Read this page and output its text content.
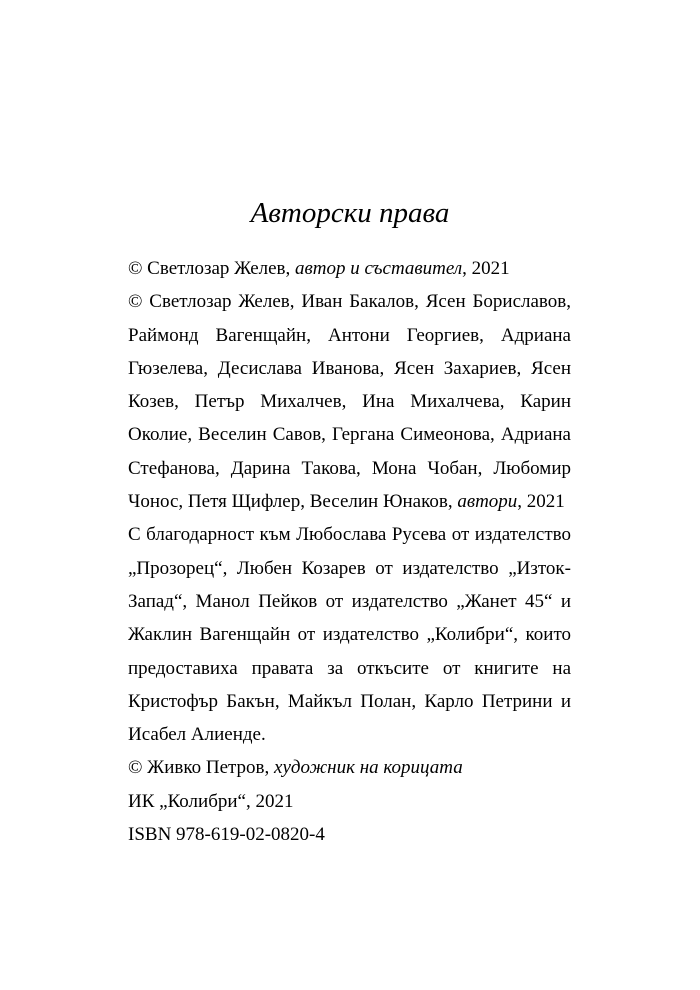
Авторски права

© Светлозар Желев, автор и съставител, 2021

© Светлозар Желев, Иван Бакалов, Ясен Бориславов,
Раймонд Вагенщайн, Антони Георгиев, Адриана
Гюзелева, Десислава Иванова, Ясен Захариев, Ясен
Козев, Петър Михалчев, Ина Михалчева, Карин
Околие, Веселин Савов, Гергана Симеонова, Адриана
Стефанова, Дарина Такова, Мона Чобан, Любомир
Чонос, Петя Щифлер, Веселин Юнаков, автори, 2021
С благодарност към Любослава Русева от издателство
„Прозорец“, Любен Козарев от издателство „Изток-
Запад“, Манол Пейков от издателство „Жанет 45“ и
Жаклин Вагенщайн от издателство „Колибри“, които
предоставиха правата за откъсите от книгите на
Кристофър Бакън, Майкъл Полан, Карло Петрини и
Исабел Алиенде.

© Живко Петров, художник на корицата

ИК „Колибри“, 2021

ISBN 978-619-02-0820-4
